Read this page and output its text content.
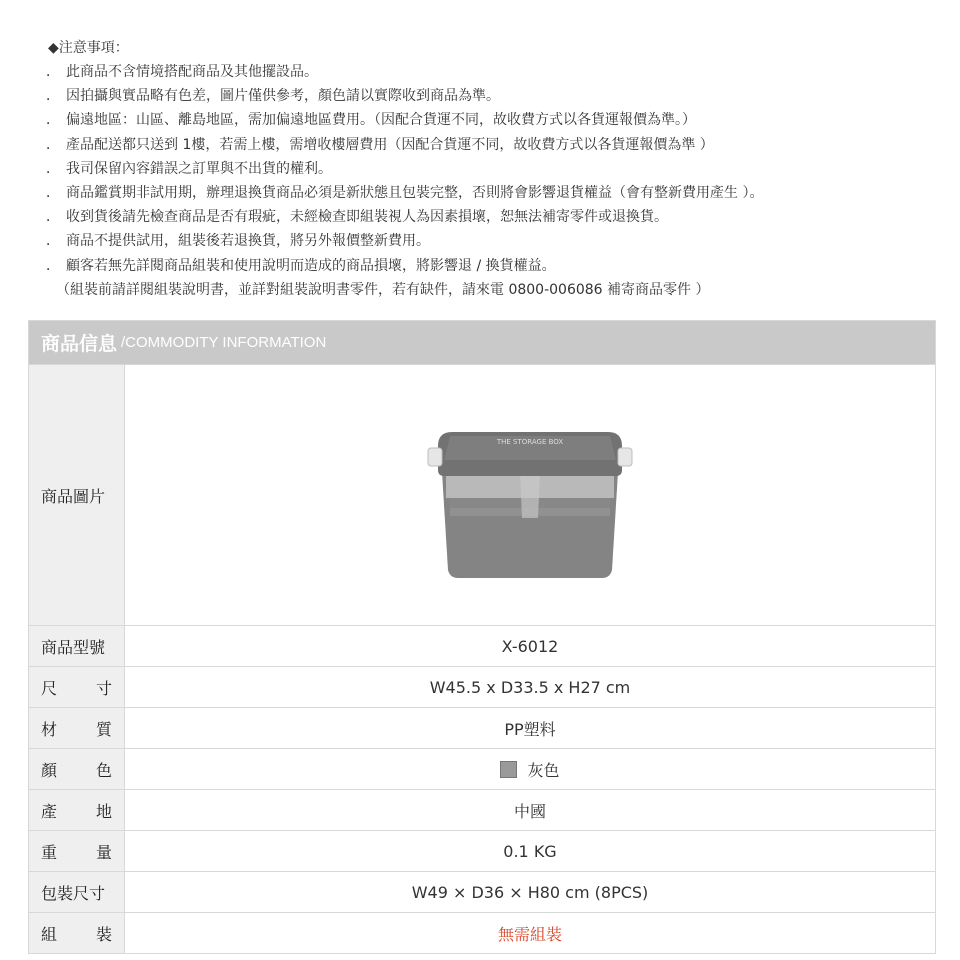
◆注意事項：
． 此商品不含情境搭配商品及其他擺設品。
． 因拍攝與實品略有色差，圖片僅供參考，顏色請以實際收到商品為準。
． 偏遠地區：山區、離島地區，需加偏遠地區費用。（因配合貨運不同，故收費方式以各貨運報價為準。）
． 產品配送都只送到 1樓，若需上樓，需增收樓層費用（因配合貨運不同，故收費方式以各貨運報價為準 ）
． 我司保留內容錯誤之訂單與不出貨的權利。
． 商品鑑賞期非試用期，辦理退換貨商品必須是新狀態且包裝完整，否則將會影響退貨權益（會有整新費用產生 ）。
． 收到貨後請先檢查商品是否有瑕疵，未經檢查即組裝視人為因素損壞，恕無法補寄零件或退換貨。
． 商品不提供試用，組裝後若退換貨，將另外報價整新費用。
． 顧客若無先詳閱商品組裝和使用說明而造成的商品損壞，將影響退 / 換貨權益。
（組裝前請詳閱組裝說明書，並詳對組裝說明書零件，若有缺件，請來電 0800-006086 補寄商品零件 ）
商品信息 /COMMODITY INFORMATION
商品圖片
THE STORAGE BOX
商品型號	X-6012
尺 寸	W45.5 x D33.5 x H27 cm
材 質	PP塑料
顏 色	灰色
產 地	中國
重 量	0.1 KG
包裝尺寸	W49 × D36 × H80 cm (8PCS)
組 裝	無需組裝
